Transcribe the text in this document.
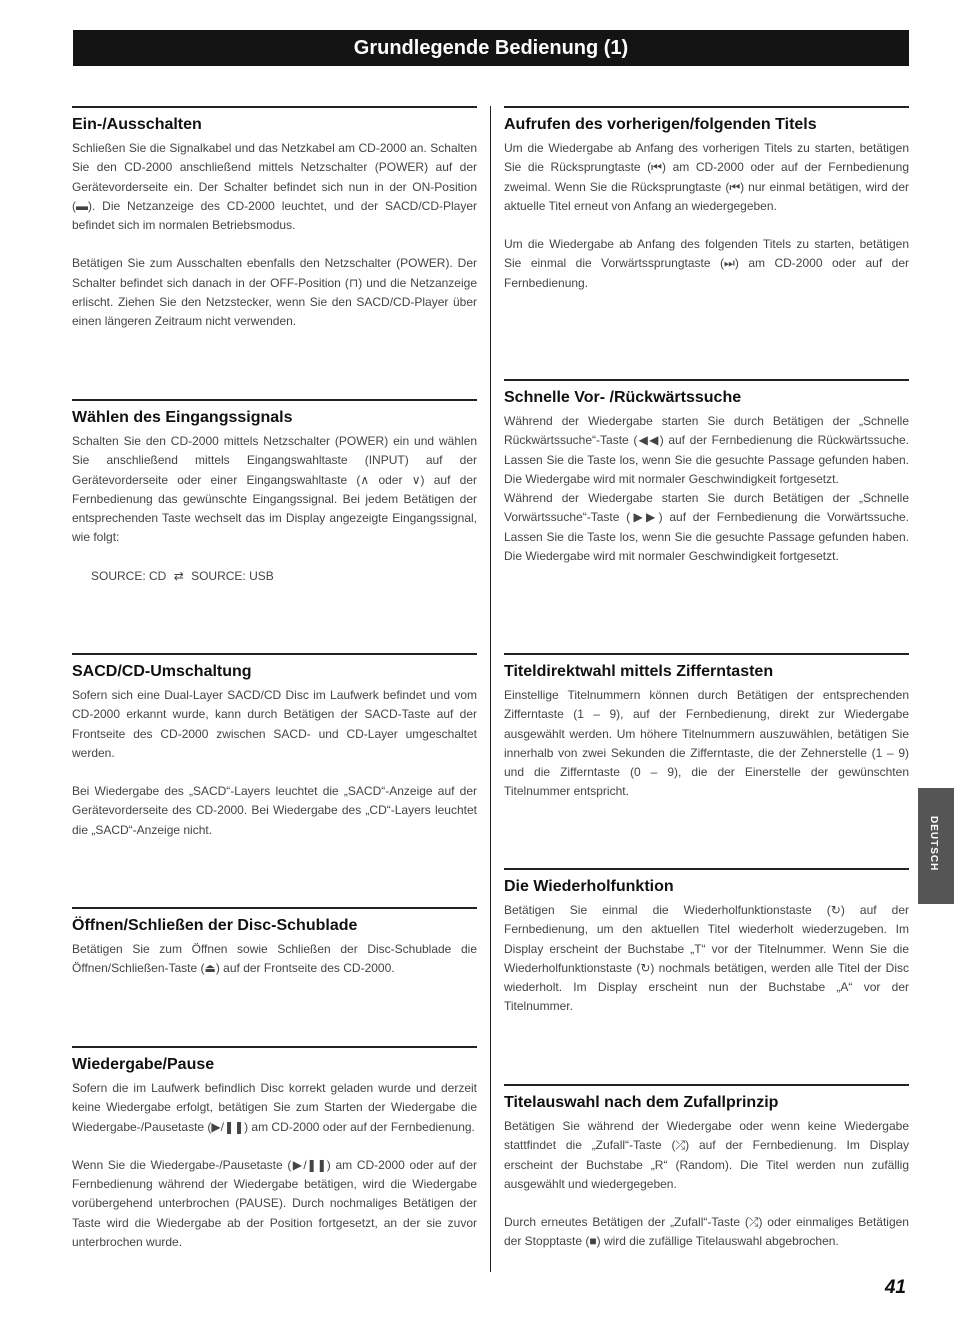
Grundlegende Bedienung (1)
Ein-/Ausschalten

Schließen Sie die Signalkabel und das Netzkabel am CD-2000 an. Schalten Sie den CD-2000 anschließend mittels Netzschalter (POWER) auf der Gerätevorderseite ein. Der Schalter befindet sich nun in der ON-Position (▬). Die Netzanzeige des CD-2000 leuchtet, und der SACD/CD-Player befindet sich im normalen Betriebsmodus.

Betätigen Sie zum Ausschalten ebenfalls den Netzschalter (POWER). Der Schalter befindet sich danach in der OFF-Position (⊓) und die Netzanzeige erlischt. Ziehen Sie den Netzstecker, wenn Sie den SACD/CD-Player über einen längeren Zeitraum nicht verwenden.

Wählen des Eingangssignals

Schalten Sie den CD-2000 mittels Netzschalter (POWER) ein und wählen Sie anschließend mittels Eingangswahltaste (INPUT) auf der Gerätevorderseite oder einer Eingangswahltaste (∧ oder ∨) auf der Fernbedienung das gewünschte Eingangssignal. Bei jedem Betätigen der entsprechenden Taste wechselt das im Display angezeigte Eingangssignal, wie folgt:

SOURCE: CD ⇄ SOURCE: USB
SACD/CD-Umschaltung

Sofern sich eine Dual-Layer SACD/CD Disc im Laufwerk befindet und vom CD-2000 erkannt wurde, kann durch Betätigen der SACD-Taste auf der Frontseite des CD-2000 zwischen SACD- und CD-Layer umgeschaltet werden.

Bei Wiedergabe des „SACD“-Layers leuchtet die „SACD“-Anzeige auf der Gerätevorderseite des CD-2000. Bei Wiedergabe des „CD“-Layers leuchtet die „SACD“-Anzeige nicht.

Öffnen/Schließen der Disc-Schublade

Betätigen Sie zum Öffnen sowie Schließen der Disc-Schublade die Öffnen/Schließen-Taste (⏏) auf der Frontseite des CD-2000.

Wiedergabe/Pause

Sofern die im Laufwerk befindlich Disc korrekt geladen wurde und derzeit keine Wiedergabe erfolgt, betätigen Sie zum Starten der Wiedergabe die Wiedergabe-/Pausetaste (▶/❚❚) am CD-2000 oder auf der Fernbedienung.

Wenn Sie die Wiedergabe-/Pausetaste (▶/❚❚) am CD-2000 oder auf der Fernbedienung während der Wiedergabe betätigen, wird die Wiedergabe vorübergehend unterbrochen (PAUSE). Durch nochmaliges Betätigen der Taste wird die Wiedergabe ab der Position fortgesetzt, an der sie zuvor unterbrochen wurde.

Aufrufen des vorherigen/folgenden Titels

Um die Wiedergabe ab Anfang des vorherigen Titels zu starten, betätigen Sie die Rücksprungtaste (⏮) am CD-2000 oder auf der Fernbedienung zweimal. Wenn Sie die Rücksprungtaste (⏮) nur einmal betätigen, wird der aktuelle Titel erneut von Anfang an wiedergegeben.

Um die Wiedergabe ab Anfang des folgenden Titels zu starten, betätigen Sie einmal die Vorwärtssprungtaste (⏭) am CD-2000 oder auf der Fernbedienung.

Schnelle Vor- /Rückwärtssuche

Während der Wiedergabe starten Sie durch Betätigen der „Schnelle Rückwärtssuche“-Taste (◀◀) auf der Fernbedienung die Rückwärtssuche. Lassen Sie die Taste los, wenn Sie die gesuchte Passage gefunden haben. Die Wiedergabe wird mit normaler Geschwindigkeit fortgesetzt.

Während der Wiedergabe starten Sie durch Betätigen der „Schnelle Vorwärtssuche“-Taste (▶▶) auf der Fernbedienung die Vorwärtssuche. Lassen Sie die Taste los, wenn Sie die gesuchte Passage gefunden haben. Die Wiedergabe wird mit normaler Geschwindigkeit fortgesetzt.

Titeldirektwahl mittels Zifferntasten

Einstellige Titelnummern können durch Betätigen der entsprechenden Zifferntaste (1 – 9), auf der Fernbedienung, direkt zur Wiedergabe ausgewählt werden. Um höhere Titelnummern auszuwählen, betätigen Sie innerhalb von zwei Sekunden die Zifferntaste, die der Zehnerstelle (1 – 9) und die Zifferntaste (0 – 9), die der Einerstelle der gewünschten Titelnummer entspricht.

Die Wiederholfunktion

Betätigen Sie einmal die Wiederholfunktionstaste (↻) auf der Fernbedienung, um den aktuellen Titel wiederholt wiederzugeben. Im Display erscheint der Buchstabe „T“ vor der Titelnummer. Wenn Sie die Wiederholfunktionstaste (↻) nochmals betätigen, werden alle Titel der Disc wiederholt. Im Display erscheint nun der Buchstabe „A“ vor der Titelnummer.

Titelauswahl nach dem Zufallprinzip

Betätigen Sie während der Wiedergabe oder wenn keine Wiedergabe stattfindet die „Zufall“-Taste (⤮) auf der Fernbedienung. Im Display erscheint der Buchstabe „R“ (Random). Die Titel werden nun zufällig ausgewählt und wiedergegeben.

Durch erneutes Betätigen der „Zufall“-Taste (⤮) oder einmaliges Betätigen der Stopptaste (■) wird die zufällige Titelauswahl abgebrochen.

DEUTSCH
41
